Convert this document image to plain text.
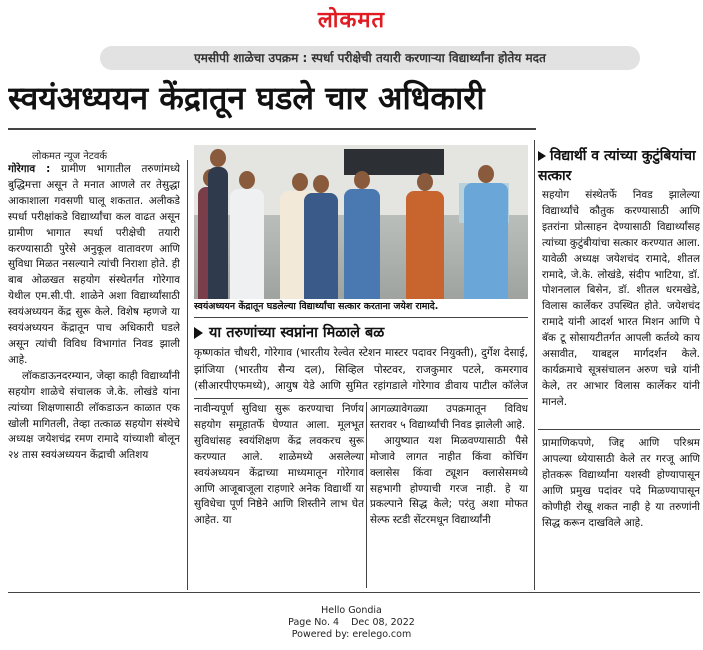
लोकमत
एमसीपी शाळेचा उपक्रम : स्पर्धा परीक्षेची तयारी करणाऱ्या विद्यार्थ्यांना होतेय मदत
स्वयंअध्ययन केंद्रातून घडले चार अधिकारी
लोकमत न्यूज नेटवर्क

गोरेगाव : ग्रामीण भागातील तरुणांमध्ये बुद्धिमत्ता असून ते मनात आणले तर तेसुद्धा आकाशाला गवसणी घालू शकतात. अलीकडे स्पर्धा परीक्षांकडे विद्यार्थ्यांचा कल वाढत असून ग्रामीण भागात स्पर्धा परीक्षेची तयारी करण्यासाठी पुरेसे अनुकूल वातावरण आणि सुविधा मिळत नसल्याने त्यांची निराशा होते. ही बाब ओळखत सहयोग संस्थेतर्गत गोरेगाव येथील एम.सी.पी. शाळेने अशा विद्यार्थ्यांसाठी स्वयंअध्ययन केंद्र सुरू केले. विशेष म्हणजे या स्वयंअध्ययन केंद्रातून पाच अधिकारी घडले असून त्यांची विविध विभागांत निवड झाली आहे.

लॉकडाऊनदरम्यान, जेव्हा काही विद्यार्थ्यांनी सहयोग शाळेचे संचालक जे.के. लोखंडे यांना त्यांच्या शिक्षणासाठी लॉकडाऊन काळात एक खोली मागितली, तेव्हा तत्काळ सहयोग संस्थेचे अध्यक्ष जयेशचंद्र रमण रामादे यांच्याशी बोलून २४ तास स्वयंअध्ययन केंद्राची अतिशय

स्वयंअध्ययन केंद्रातून घडलेल्या विद्यार्थ्यांचा सत्कार करताना जयेश रामादे.
या तरुणांच्या स्वप्नांना मिळाले बळ
कृष्णकांत चौधरी, गोरेगाव (भारतीय रेल्वेत स्टेशन मास्टर पदावर नियुक्ती), दुर्गेश देसाई, झांजिया (भारतीय सैन्य दल), सिव्हिल पोस्टवर, राजकुमार पटले, कमरगाव (सीआरपीएफमध्ये), आयुष येडे आणि सुमित रहांगडाले गोरेगाव डीवाय पाटील कॉलेज
नावीन्यपूर्ण सुविधा सुरू करण्याचा निर्णय सहयोग समूहातर्फे घेण्यात आला. मूलभूत सुविधांसह स्वयंशिक्षण केंद्र लवकरच सुरू करण्यात आले. शाळेमध्ये असलेल्या स्वयंअध्ययन केंद्राच्या माध्यमातून गोरेगाव आणि आजूबाजूला राहणारे अनेक विद्यार्थी या सुविधेचा पूर्ण निष्ठेने आणि शिस्तीने लाभ घेत आहेत. या

आगळ्यावेगळ्या उपक्रमातून विविध स्तरावर ५ विद्यार्थ्यांची निवड झालेली आहे.

आयुष्यात यश मिळवण्यासाठी पैसे मोजावे लागत नाहीत किंवा कोचिंग क्लासेस किंवा ट्यूशन क्लासेसमध्ये सहभागी होण्याची गरज नाही. हे या प्रकल्पाने सिद्ध केले; परंतु अशा मोफत सेल्फ स्टडी सेंटरमधून विद्यार्थ्यांनी

विद्यार्थी व त्यांच्या कुटुंबियांचा सत्कार
सहयोग संस्थेतर्फे निवड झालेल्या विद्यार्थ्यांचे कौतुक करण्यासाठी आणि इतरांना प्रोत्साहन देण्यासाठी विद्यार्थ्यांसह त्यांच्या कुटुंबीयांचा सत्कार करण्यात आला. यावेळी अध्यक्ष जयेशचंद रामादे, शीतल रामादे, जे.के. लोखंडे, संदीप भाटिया, डॉ. पोशनलाल बिसेन, डॉ. शीतल धरमखेडे, विलास कार्लेकर उपस्थित होते. जयेशचंद रामादे यांनी आदर्श भारत मिशन आणि पे बॅक टू सोसायटीतर्गत आपली कर्तव्ये काय असावीत, याबद्दल मार्गदर्शन केले. कार्यक्रमाचे सूत्रसंचालन अरुण चन्ने यांनी केले, तर आभार विलास कार्लेकर यांनी मानले.
प्रामाणिकपणे, जिद्द आणि परिश्रम आपल्या ध्येयासाठी केले तर गरजू आणि होतकरू विद्यार्थ्यांना यशस्वी होण्यापासून आणि प्रमुख पदांवर पदे मिळण्यापासून कोणीही रोखू शकत नाही हे या तरुणांनी सिद्ध करून दाखविले आहे.
Hello Gondia
Page No. 4    Dec 08, 2022
Powered by: erelego.com
